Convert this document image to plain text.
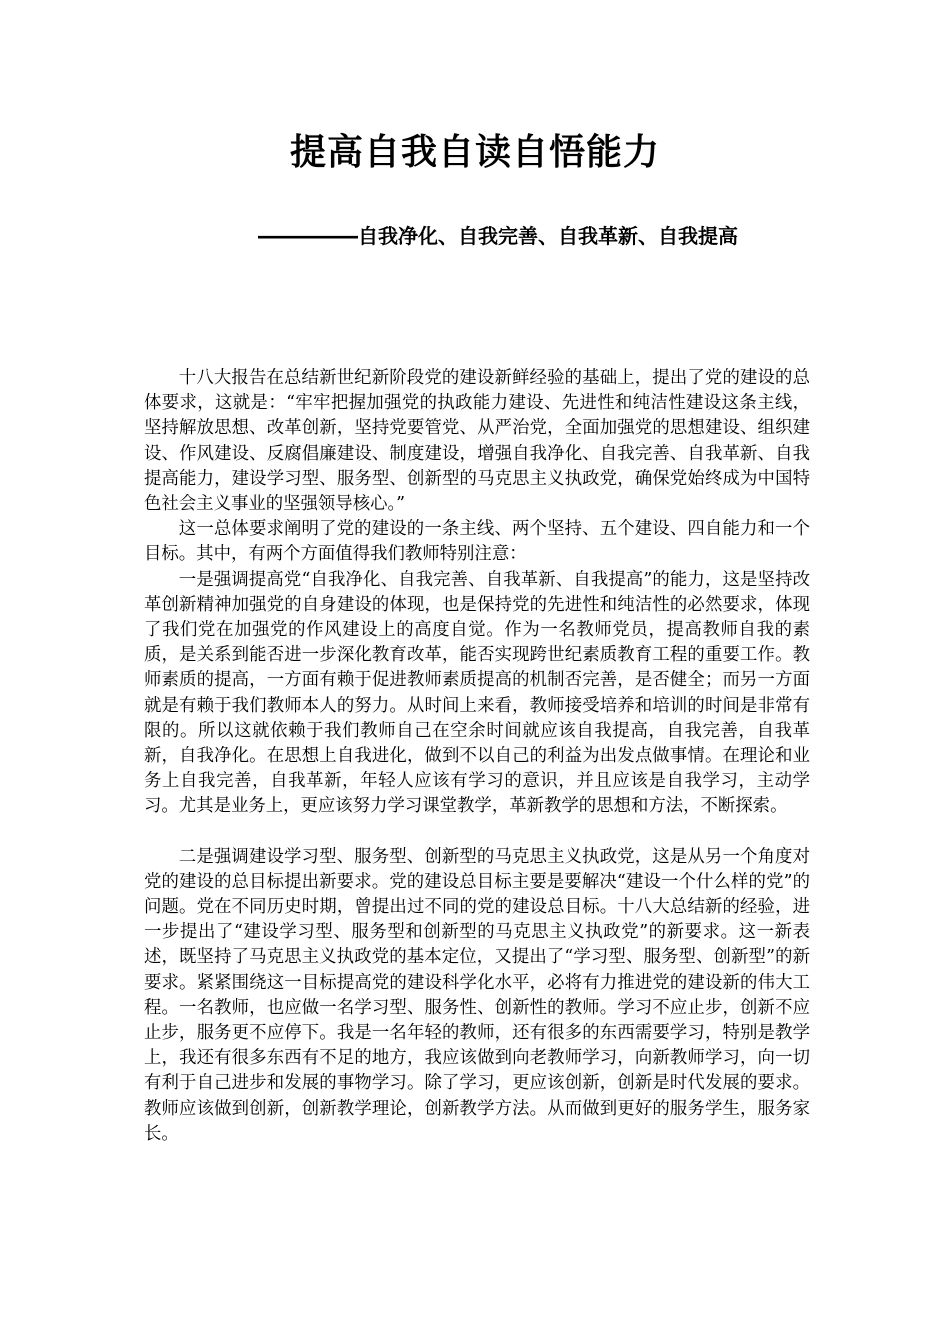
提高自我自读自悟能力

―――――自我净化、自我完善、自我革新、自我提高

十八大报告在总结新世纪新阶段党的建设新鲜经验的基础上，提出了党的建设的总体要求，这就是：“牢牢把握加强党的执政能力建设、先进性和纯洁性建设这条主线，坚持解放思想、改革创新，坚持党要管党、从严治党，全面加强党的思想建设、组织建设、作风建设、反腐倡廉建设、制度建设，增强自我净化、自我完善、自我革新、自我提高能力，建设学习型、服务型、创新型的马克思主义执政党，确保党始终成为中国特色社会主义事业的坚强领导核心。”

这一总体要求阐明了党的建设的一条主线、两个坚持、五个建设、四自能力和一个目标。其中，有两个方面值得我们教师特别注意：

一是强调提高党“自我净化、自我完善、自我革新、自我提高”的能力，这是坚持改革创新精神加强党的自身建设的体现，也是保持党的先进性和纯洁性的必然要求，体现了我们党在加强党的作风建设上的高度自觉。作为一名教师党员，提高教师自我的素质，是关系到能否进一步深化教育改革，能否实现跨世纪素质教育工程的重要工作。教师素质的提高，一方面有赖于促进教师素质提高的机制否完善，是否健全；而另一方面就是有赖于我们教师本人的努力。从时间上来看，教师接受培养和培训的时间是非常有限的。所以这就依赖于我们教师自己在空余时间就应该自我提高，自我完善，自我革新，自我净化。在思想上自我进化，做到不以自己的利益为出发点做事情。在理论和业务上自我完善，自我革新，年轻人应该有学习的意识，并且应该是自我学习，主动学习。尤其是业务上，更应该努力学习课堂教学，革新教学的思想和方法，不断探索。

二是强调建设学习型、服务型、创新型的马克思主义执政党，这是从另一个角度对党的建设的总目标提出新要求。党的建设总目标主要是要解决“建设一个什么样的党”的问题。党在不同历史时期，曾提出过不同的党的建设总目标。十八大总结新的经验，进一步提出了“建设学习型、服务型和创新型的马克思主义执政党”的新要求。这一新表述，既坚持了马克思主义执政党的基本定位，又提出了“学习型、服务型、创新型”的新要求。紧紧围绕这一目标提高党的建设科学化水平，必将有力推进党的建设新的伟大工程。一名教师，也应做一名学习型、服务性、创新性的教师。学习不应止步，创新不应止步，服务更不应停下。我是一名年轻的教师，还有很多的东西需要学习，特别是教学上，我还有很多东西有不足的地方，我应该做到向老教师学习，向新教师学习，向一切有利于自己进步和发展的事物学习。除了学习，更应该创新，创新是时代发展的要求。教师应该做到创新，创新教学理论，创新教学方法。从而做到更好的服务学生，服务家长。
